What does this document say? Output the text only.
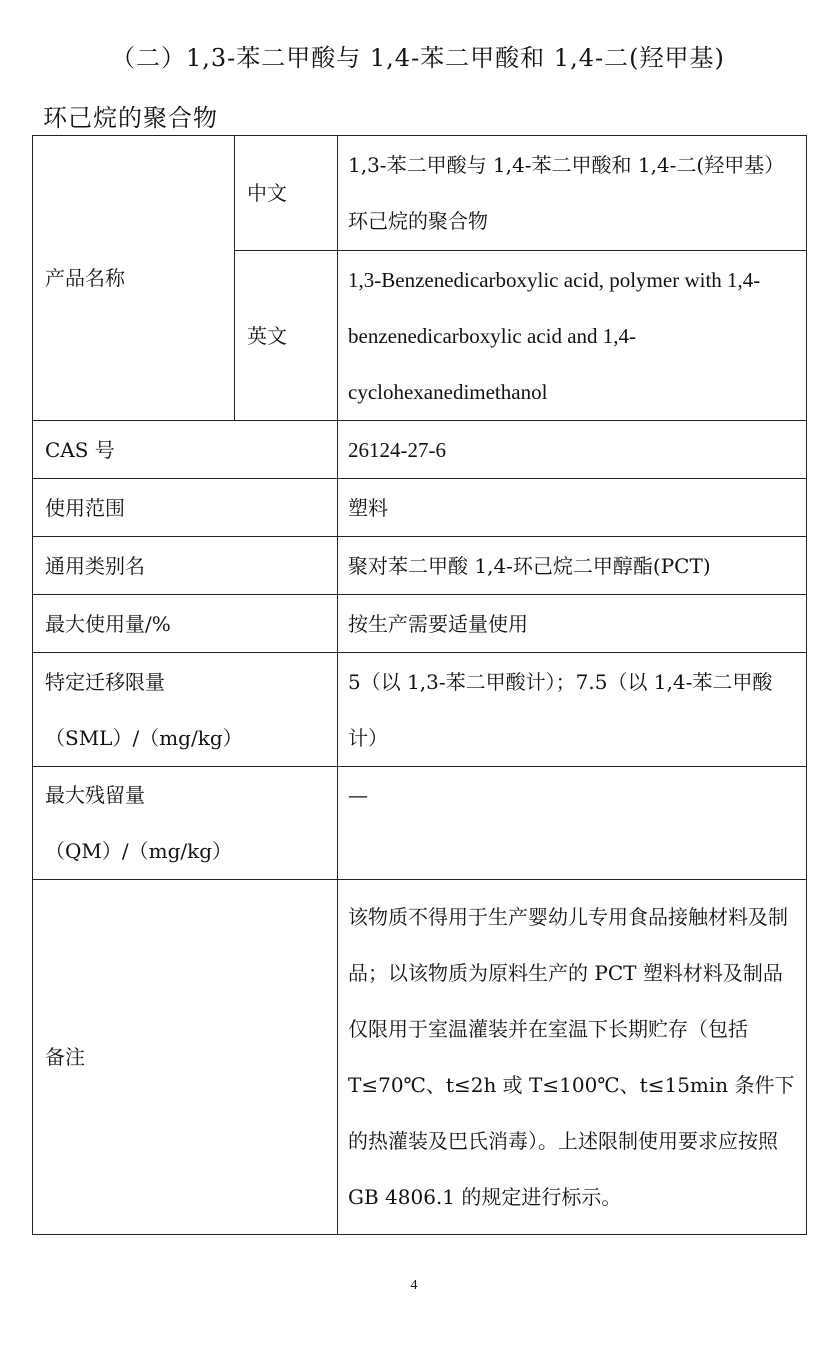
（二）1,3-苯二甲酸与 1,4-苯二甲酸和 1,4-二(羟甲基)
环己烷的聚合物
产品名称	中文	1,3-苯二甲酸与 1,4-苯二甲酸和 1,4-二(羟甲基）环己烷的聚合物
	英文	1,3-Benzenedicarboxylic acid, polymer with 1,4-benzenedicarboxylic acid and 1,4-cyclohexanedimethanol
CAS 号		26124-27-6
使用范围		塑料
通用类别名		聚对苯二甲酸 1,4-环己烷二甲醇酯(PCT)
最大使用量/%		按生产需要适量使用

特定迁移限量
（SML）/（mg/kg）		5（以 1,3-苯二甲酸计）；7.5（以 1,4-苯二甲酸计）

最大残留量
（QM）/（mg/kg）		—
备注		该物质不得用于生产婴幼儿专用食品接触材料及制品；以该物质为原料生产的 PCT 塑料材料及制品仅限用于室温灌装并在室温下长期贮存（包括 T≤70℃、t≤2h 或 T≤100℃、t≤15min 条件下的热灌装及巴氏消毒）。上述限制使用要求应按照 GB 4806.1 的规定进行标示。
4
